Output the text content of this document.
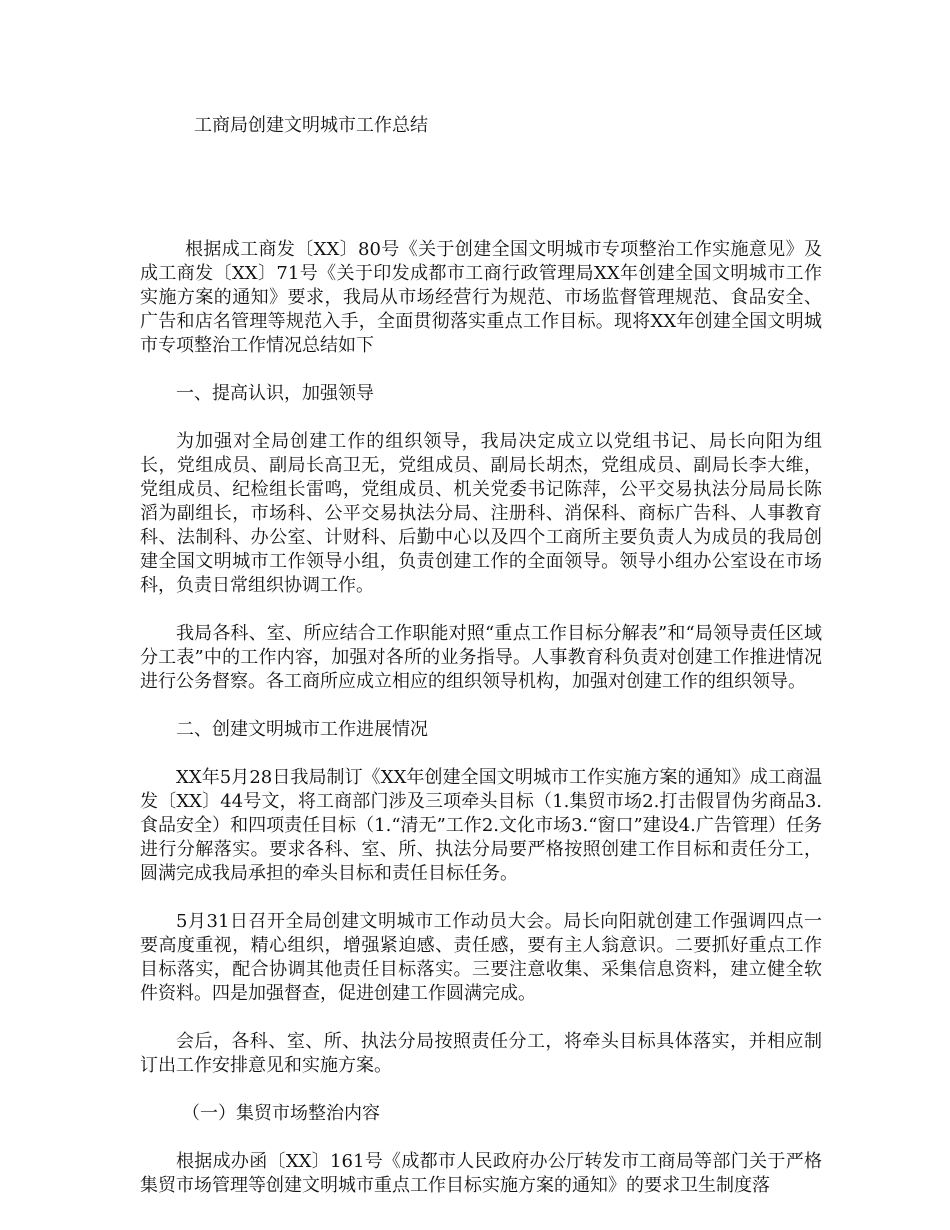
工商局创建文明城市工作总结

根据成工商发〔XX〕80号《关于创建全国文明城市专项整治工作实施意见》及成工商发〔XX〕71号《关于印发成都市工商行政管理局XX年创建全国文明城市工作实施方案的通知》要求，我局从市场经营行为规范、市场监督管理规范、食品安全、广告和店名管理等规范入手，全面贯彻落实重点工作目标。现将XX年创建全国文明城市专项整治工作情况总结如下

一、提高认识，加强领导

为加强对全局创建工作的组织领导，我局决定成立以党组书记、局长向阳为组长，党组成员、副局长高卫无，党组成员、副局长胡杰，党组成员、副局长李大维，党组成员、纪检组长雷鸣，党组成员、机关党委书记陈萍，公平交易执法分局局长陈滔为副组长，市场科、公平交易执法分局、注册科、消保科、商标广告科、人事教育科、法制科、办公室、计财科、后勤中心以及四个工商所主要负责人为成员的我局创建全国文明城市工作领导小组，负责创建工作的全面领导。领导小组办公室设在市场科，负责日常组织协调工作。

我局各科、室、所应结合工作职能对照“重点工作目标分解表”和“局领导责任区域分工表”中的工作内容，加强对各所的业务指导。人事教育科负责对创建工作推进情况进行公务督察。各工商所应成立相应的组织领导机构，加强对创建工作的组织领导。

二、创建文明城市工作进展情况

XX年5月28日我局制订《XX年创建全国文明城市工作实施方案的通知》成工商温发〔XX〕44号文，将工商部门涉及三项牵头目标（1.集贸市场2.打击假冒伪劣商品3.食品安全）和四项责任目标（1.“清无”工作2.文化市场3.“窗口”建设4.广告管理）任务进行分解落实。要求各科、室、所、执法分局要严格按照创建工作目标和责任分工，圆满完成我局承担的牵头目标和责任目标任务。

5月31日召开全局创建文明城市工作动员大会。局长向阳就创建工作强调四点一要高度重视，精心组织，增强紧迫感、责任感，要有主人翁意识。二要抓好重点工作目标落实，配合协调其他责任目标落实。三要注意收集、采集信息资料，建立健全软件资料。四是加强督查，促进创建工作圆满完成。

会后，各科、室、所、执法分局按照责任分工，将牵头目标具体落实，并相应制订出工作安排意见和实施方案。

（一）集贸市场整治内容

根据成办函〔XX〕161号《成都市人民政府办公厅转发市工商局等部门关于严格集贸市场管理等创建文明城市重点工作目标实施方案的通知》的要求卫生制度落
